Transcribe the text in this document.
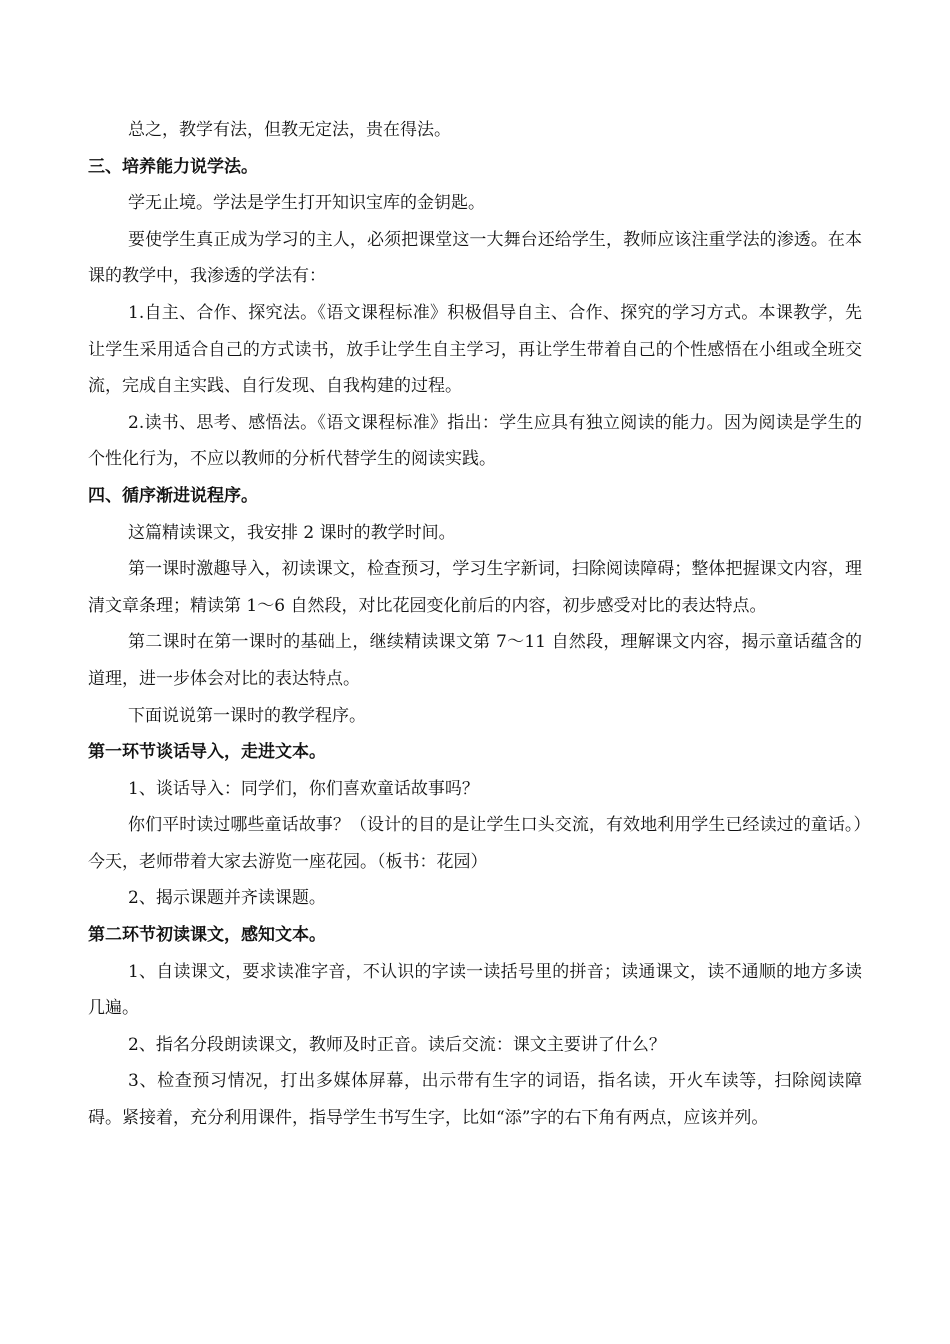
总之，教学有法，但教无定法，贵在得法。

三、培养能力说学法。

学无止境。学法是学生打开知识宝库的金钥匙。

要使学生真正成为学习的主人，必须把课堂这一大舞台还给学生，教师应该注重学法的渗透。在本课的教学中，我渗透的学法有：

1.自主、合作、探究法。《语文课程标准》积极倡导自主、合作、探究的学习方式。本课教学，先让学生采用适合自己的方式读书，放手让学生自主学习，再让学生带着自己的个性感悟在小组或全班交流，完成自主实践、自行发现、自我构建的过程。

2.读书、思考、感悟法。《语文课程标准》指出：学生应具有独立阅读的能力。因为阅读是学生的个性化行为，不应以教师的分析代替学生的阅读实践。

四、循序渐进说程序。

这篇精读课文，我安排 2 课时的教学时间。

第一课时激趣导入，初读课文，检查预习，学习生字新词，扫除阅读障碍；整体把握课文内容，理清文章条理；精读第 1～6 自然段，对比花园变化前后的内容，初步感受对比的表达特点。

第二课时在第一课时的基础上，继续精读课文第 7～11 自然段，理解课文内容，揭示童话蕴含的道理，进一步体会对比的表达特点。

下面说说第一课时的教学程序。

第一环节谈话导入，走进文本。

1、谈话导入：同学们，你们喜欢童话故事吗？

你们平时读过哪些童话故事？（设计的目的是让学生口头交流，有效地利用学生已经读过的童话。）今天，老师带着大家去游览一座花园。（板书：花园）

2、揭示课题并齐读课题。

第二环节初读课文，感知文本。

1、自读课文，要求读准字音，不认识的字读一读括号里的拼音；读通课文，读不通顺的地方多读几遍。

2、指名分段朗读课文，教师及时正音。读后交流：课文主要讲了什么？

3、检查预习情况，打出多媒体屏幕，出示带有生字的词语，指名读，开火车读等，扫除阅读障碍。紧接着，充分利用课件，指导学生书写生字，比如“添”字的右下角有两点，应该并列。
